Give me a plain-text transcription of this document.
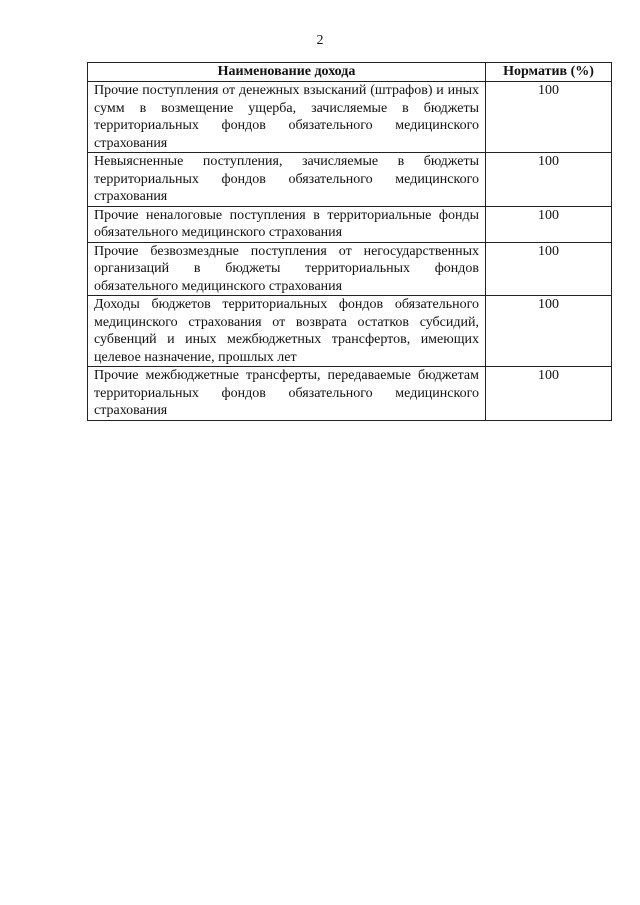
2
Наименование дохода	Норматив (%)
Прочие поступления от денежных взысканий (штрафов) и иных сумм в возмещение ущерба, зачисляемые в бюджеты территориальных фондов обязательного медицинского страхования	100
Невыясненные поступления, зачисляемые в бюджеты территориальных фондов обязательного медицинского страхования	100
Прочие неналоговые поступления в территориальные фонды обязательного медицинского страхования	100
Прочие безвозмездные поступления от негосударственных организаций в бюджеты территориальных фондов обязательного медицинского страхования	100
Доходы бюджетов территориальных фондов обязательного медицинского страхования от возврата остатков субсидий, субвенций и иных межбюджетных трансфертов, имеющих целевое назначение, прошлых лет	100
Прочие межбюджетные трансферты, передаваемые бюджетам территориальных фондов обязательного медицинского страхования	100
